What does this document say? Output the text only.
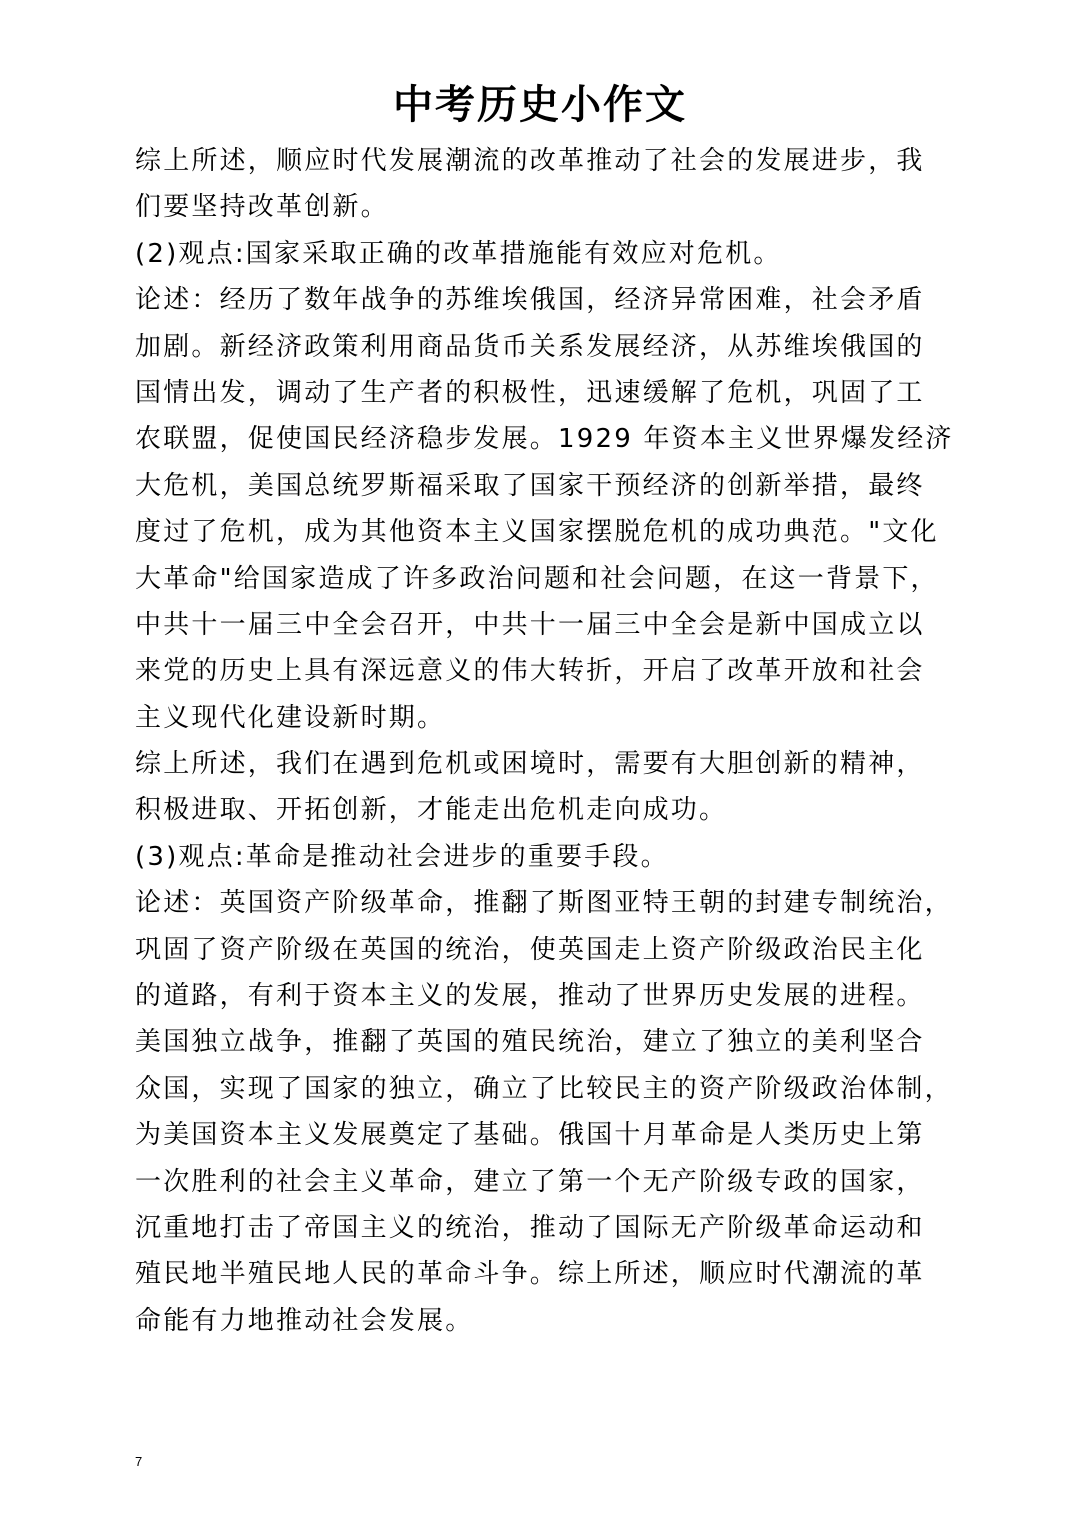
中考历史小作文
综上所述，顺应时代发展潮流的改革推动了社会的发展进步，我
们要坚持改革创新。
(2)观点:国家采取正确的改革措施能有效应对危机。
论述：经历了数年战争的苏维埃俄国，经济异常困难，社会矛盾
加剧。新经济政策利用商品货币关系发展经济，从苏维埃俄国的
国情出发，调动了生产者的积极性，迅速缓解了危机，巩固了工
农联盟，促使国民经济稳步发展。1929 年资本主义世界爆发经济
大危机，美国总统罗斯福采取了国家干预经济的创新举措，最终
度过了危机，成为其他资本主义国家摆脱危机的成功典范。"文化
大革命"给国家造成了许多政治问题和社会问题，在这一背景下，
中共十一届三中全会召开，中共十一届三中全会是新中国成立以
来党的历史上具有深远意义的伟大转折，开启了改革开放和社会
主义现代化建设新时期。
综上所述，我们在遇到危机或困境时，需要有大胆创新的精神，
积极进取、开拓创新，才能走出危机走向成功。
(3)观点:革命是推动社会进步的重要手段。
论述：英国资产阶级革命，推翻了斯图亚特王朝的封建专制统治，
巩固了资产阶级在英国的统治，使英国走上资产阶级政治民主化
的道路，有利于资本主义的发展，推动了世界历史发展的进程。
美国独立战争，推翻了英国的殖民统治，建立了独立的美利坚合
众国，实现了国家的独立，确立了比较民主的资产阶级政治体制，
为美国资本主义发展奠定了基础。俄国十月革命是人类历史上第
一次胜利的社会主义革命，建立了第一个无产阶级专政的国家，
沉重地打击了帝国主义的统治，推动了国际无产阶级革命运动和
殖民地半殖民地人民的革命斗争。综上所述，顺应时代潮流的革
命能有力地推动社会发展。
7
